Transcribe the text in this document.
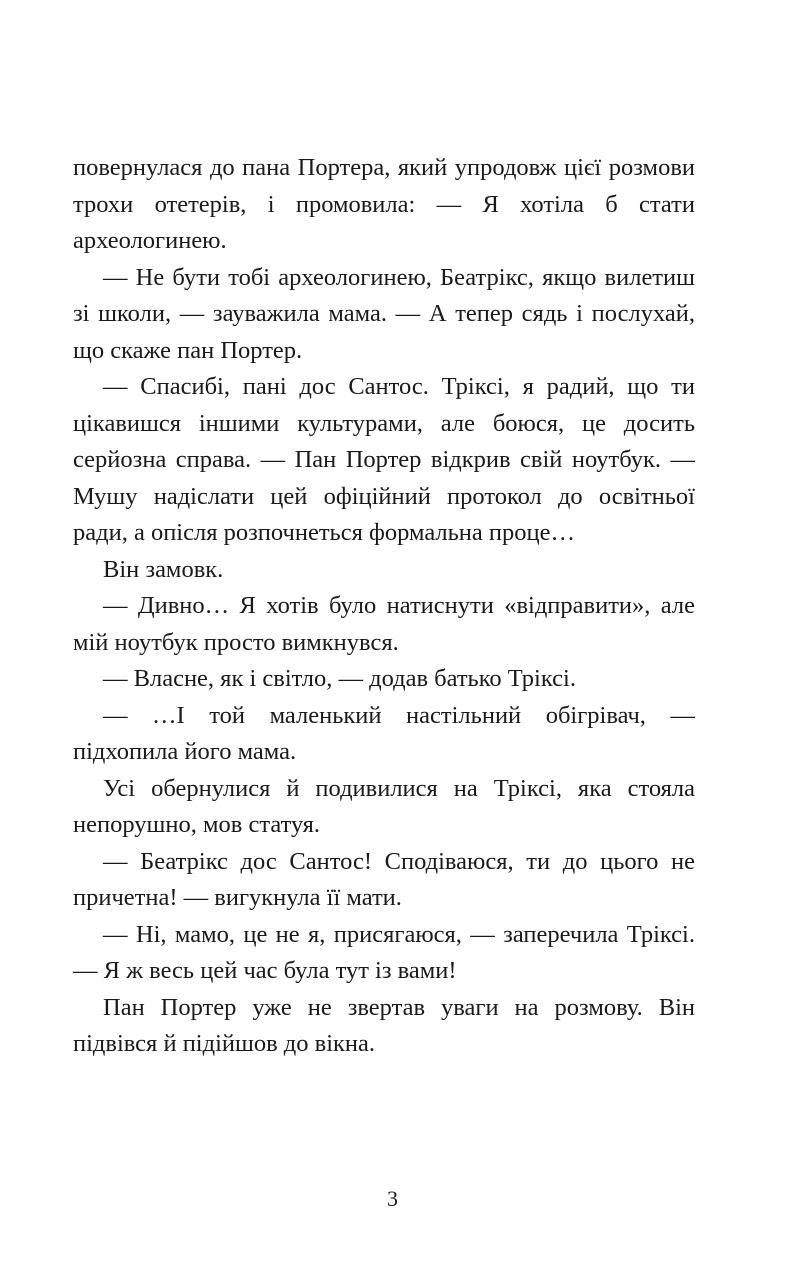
повернулася до пана Портера, який упродовж цієї розмови трохи отетерів, і промовила: — Я хотіла б стати археологинею.

— Не бути тобі археологинею, Беатрікс, якщо вилетиш зі школи, — зауважила мама. — А тепер сядь і послухай, що скаже пан Портер.

— Спасибі, пані дос Сантос. Тріксі, я радий, що ти цікавишся іншими культурами, але боюся, це досить серйозна справа. — Пан Портер відкрив свій ноутбук. — Мушу надіслати цей офіційний протокол до освітньої ради, а опісля розпочнеться формальна проце…

Він замовк.

— Дивно… Я хотів було натиснути «відправити», але мій ноутбук просто вимкнувся.

— Власне, як і світло, — додав батько Тріксі.

— …І той маленький настільний обігрівач, — підхопила його мама.

Усі обернулися й подивилися на Тріксі, яка стояла непорушно, мов статуя.

— Беатрікс дос Сантос! Сподіваюся, ти до цього не причетна! — вигукнула її мати.

— Ні, мамо, це не я, присягаюся, — заперечила Тріксі. — Я ж весь цей час була тут із вами!

Пан Портер уже не звертав уваги на розмову. Він підвівся й підійшов до вікна.

3
